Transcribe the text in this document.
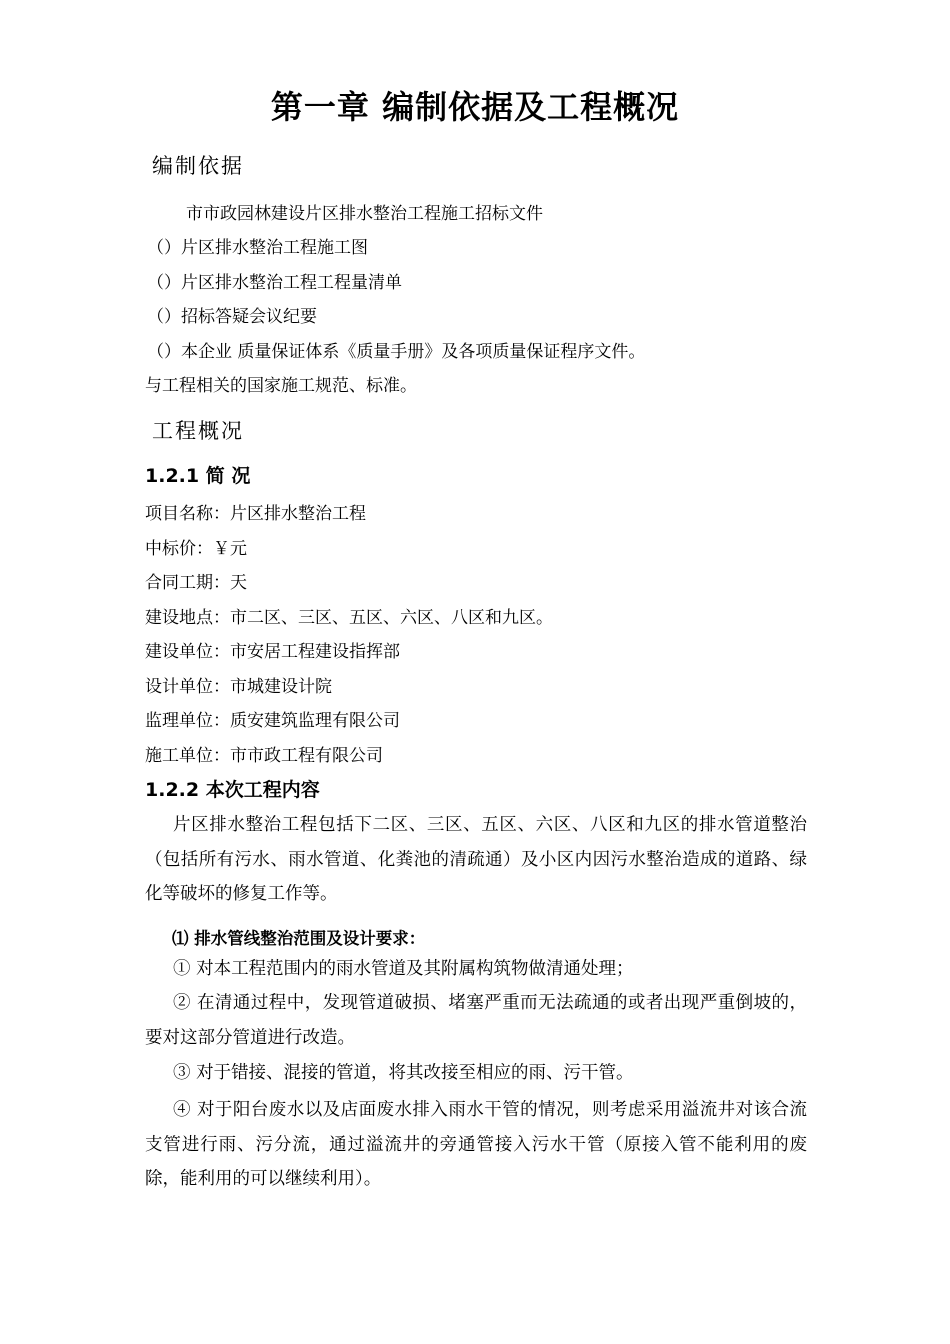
第一章 编制依据及工程概况
编制依据
市市政园林建设片区排水整治工程施工招标文件
（）片区排水整治工程施工图
（）片区排水整治工程工程量清单
（）招标答疑会议纪要
（）本企业 质量保证体系《质量手册》及各项质量保证程序文件。
与工程相关的国家施工规范、标准。
工程概况
1.2.1 简 况
项目名称：片区排水整治工程
中标价：￥元
合同工期：天
建设地点：市二区、三区、五区、六区、八区和九区。
建设单位：市安居工程建设指挥部
设计单位：市城建设计院
监理单位：质安建筑监理有限公司
施工单位：市市政工程有限公司
1.2.2 本次工程内容
片区排水整治工程包括下二区、三区、五区、六区、八区和九区的排水管道整治（包括所有污水、雨水管道、化粪池的清疏通）及小区内因污水整治造成的道路、绿化等破坏的修复工作等。
⑴ 排水管线整治范围及设计要求：
① 对本工程范围内的雨水管道及其附属构筑物做清通处理；
② 在清通过程中，发现管道破损、堵塞严重而无法疏通的或者出现严重倒坡的，要对这部分管道进行改造。
③ 对于错接、混接的管道，将其改接至相应的雨、污干管。
④ 对于阳台废水以及店面废水排入雨水干管的情况，则考虑采用溢流井对该合流支管进行雨、污分流，通过溢流井的旁通管接入污水干管（原接入管不能利用的废除，能利用的可以继续利用）。
